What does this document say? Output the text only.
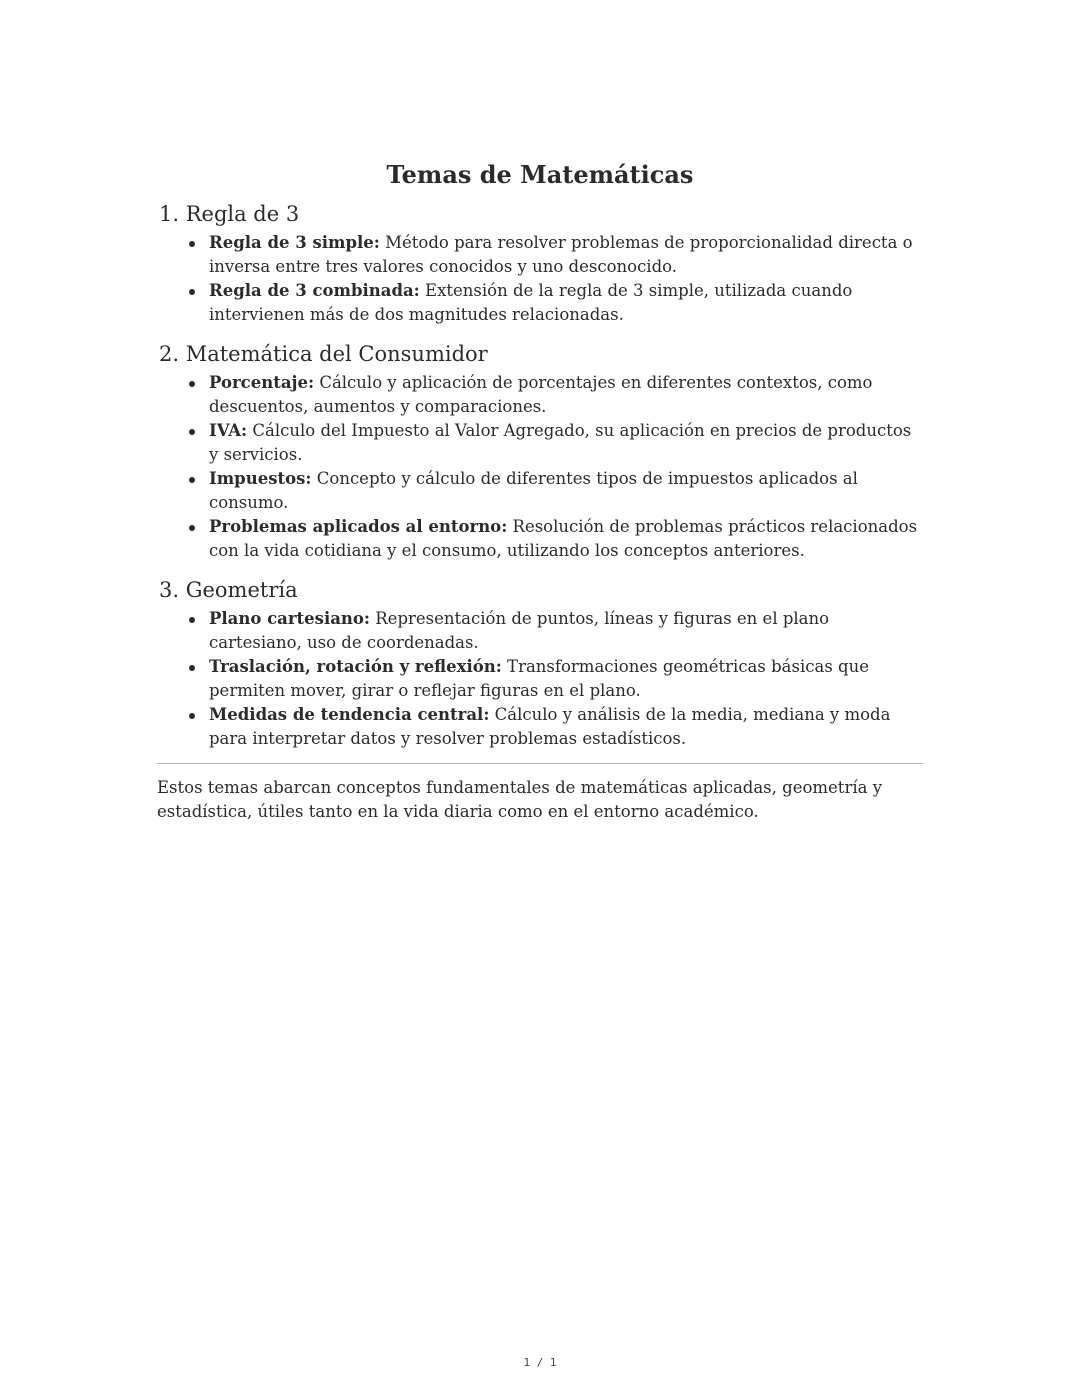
Temas de Matemáticas
1. Regla de 3
Regla de 3 simple: Método para resolver problemas de proporcionalidad directa o inversa entre tres valores conocidos y uno desconocido.
Regla de 3 combinada: Extensión de la regla de 3 simple, utilizada cuando intervienen más de dos magnitudes relacionadas.
2. Matemática del Consumidor
Porcentaje: Cálculo y aplicación de porcentajes en diferentes contextos, como descuentos, aumentos y comparaciones.
IVA: Cálculo del Impuesto al Valor Agregado, su aplicación en precios de productos y servicios.
Impuestos: Concepto y cálculo de diferentes tipos de impuestos aplicados al consumo.
Problemas aplicados al entorno: Resolución de problemas prácticos relacionados con la vida cotidiana y el consumo, utilizando los conceptos anteriores.
3. Geometría
Plano cartesiano: Representación de puntos, líneas y figuras en el plano cartesiano, uso de coordenadas.
Traslación, rotación y reflexión: Transformaciones geométricas básicas que permiten mover, girar o reflejar figuras en el plano.
Medidas de tendencia central: Cálculo y análisis de la media, mediana y moda para interpretar datos y resolver problemas estadísticos.

Estos temas abarcan conceptos fundamentales de matemáticas aplicadas, geometría y estadística, útiles tanto en la vida diaria como en el entorno académico.

1 / 1
